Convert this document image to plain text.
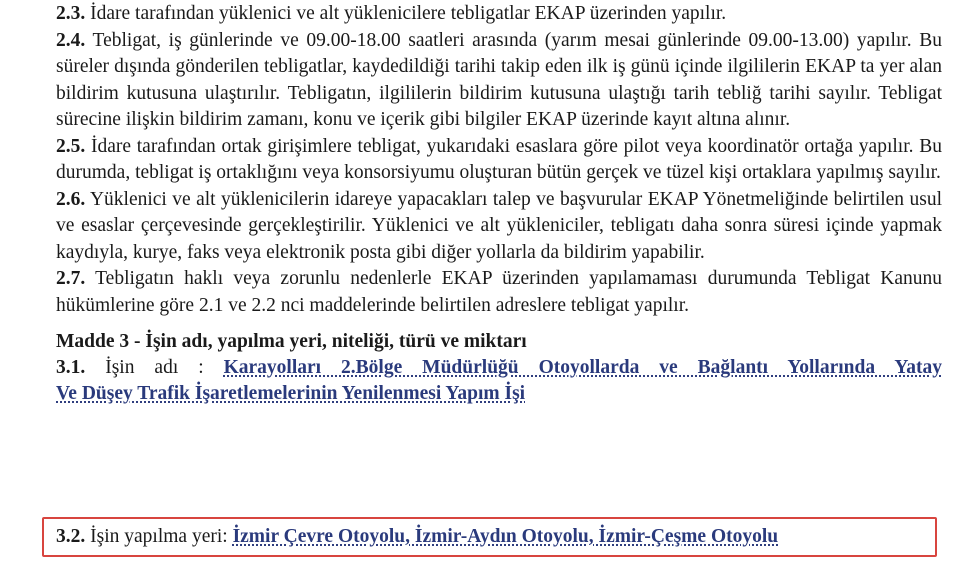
2.3. İdare tarafından yüklenici ve alt yüklenicilere tebligatlar EKAP üzerinden yapılır.

2.4. Tebligat, iş günlerinde ve 09.00-18.00 saatleri arasında (yarım mesai günlerinde 09.00-13.00) yapılır. Bu süreler dışında gönderilen tebligatlar, kaydedildiği tarihi takip eden ilk iş günü içinde ilgililerin EKAP ta yer alan bildirim kutusuna ulaştırılır. Tebligatın, ilgililerin bildirim kutusuna ulaştığı tarih tebliğ tarihi sayılır. Tebligat sürecine ilişkin bildirim zamanı, konu ve içerik gibi bilgiler EKAP üzerinde kayıt altına alınır.

2.5. İdare tarafından ortak girişimlere tebligat, yukarıdaki esaslara göre pilot veya koordinatör ortağa yapılır. Bu durumda, tebligat iş ortaklığını veya konsorsiyumu oluşturan bütün gerçek ve tüzel kişi ortaklara yapılmış sayılır.

2.6. Yüklenici ve alt yüklenicilerin idareye yapacakları talep ve başvurular EKAP Yönetmeliğinde belirtilen usul ve esaslar çerçevesinde gerçekleştirilir. Yüklenici ve alt yükleniciler, tebligatı daha sonra süresi içinde yapmak kaydıyla, kurye, faks veya elektronik posta gibi diğer yollarla da bildirim yapabilir.

2.7. Tebligatın haklı veya zorunlu nedenlerle EKAP üzerinden yapılamaması durumunda Tebligat Kanunu hükümlerine göre 2.1 ve 2.2 nci maddelerinde belirtilen adreslere tebligat yapılır.

Madde 3 - İşin adı, yapılma yeri, niteliği, türü ve miktarı

3.1. İşin adı : Karayolları 2.Bölge Müdürlüğü Otoyollarda ve Bağlantı Yollarında Yatay

Ve Düşey Trafik İşaretlemelerinin Yenilenmesi Yapım İşi

3.2. İşin yapılma yeri: İzmir Çevre Otoyolu, İzmir-Aydın Otoyolu, İzmir-Çeşme Otoyolu
